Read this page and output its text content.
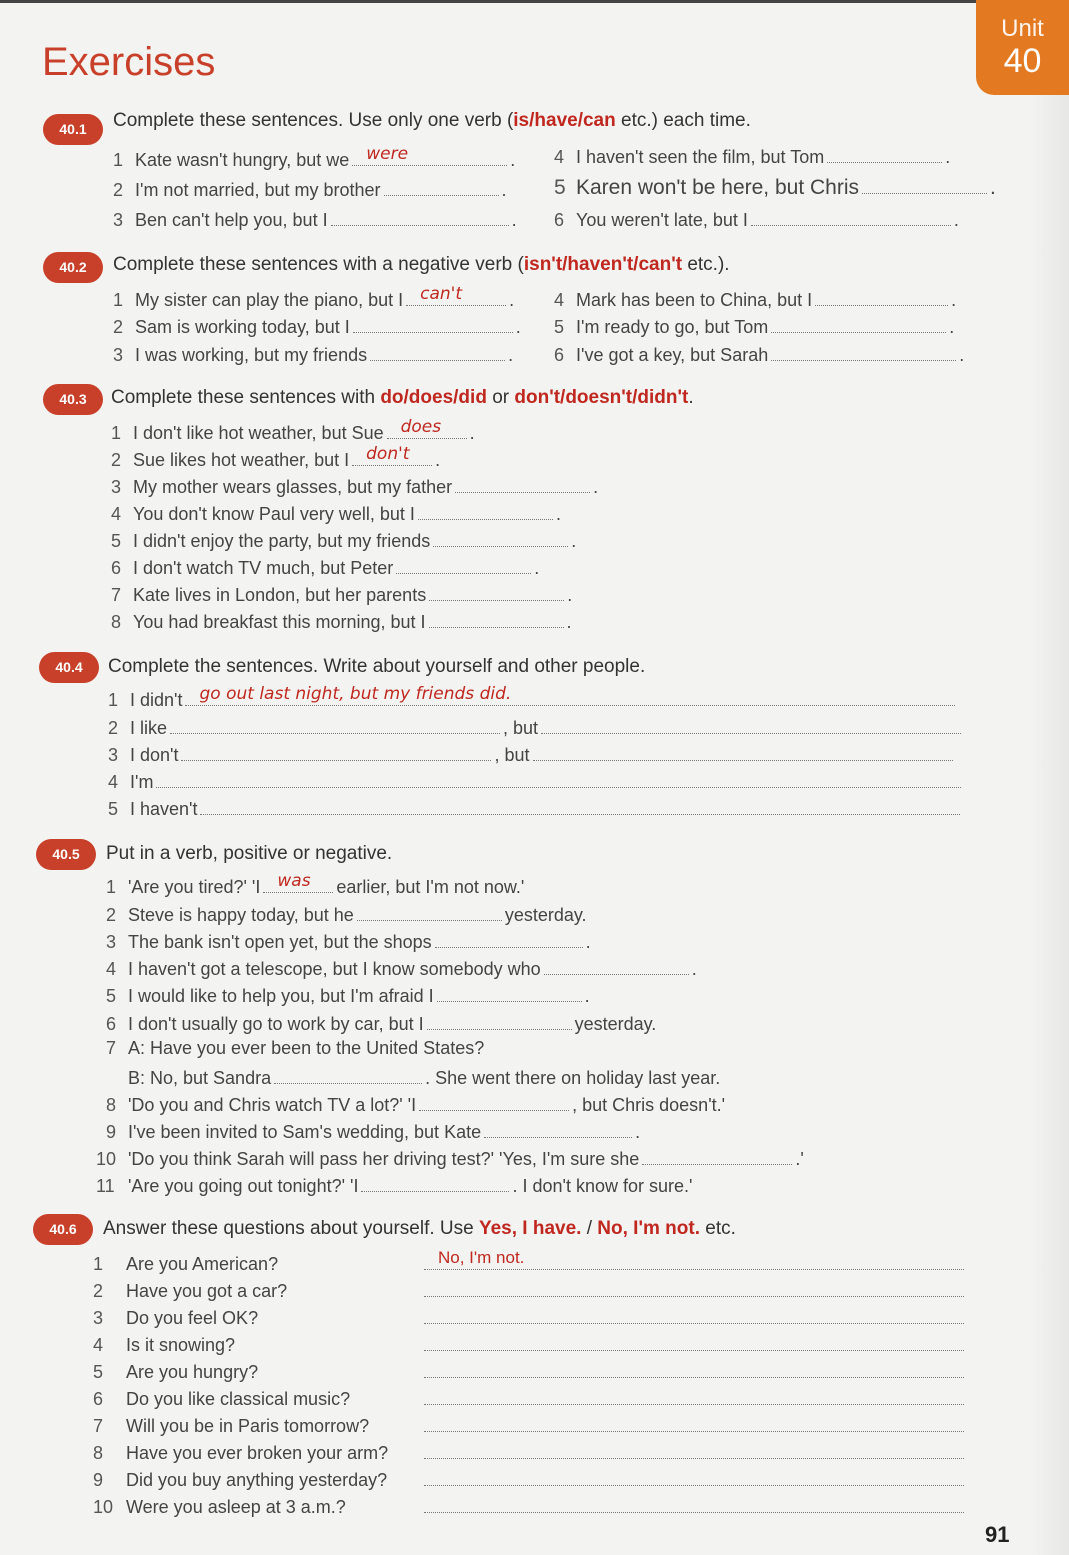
Unit
40
Exercises
40.1	Complete these sentences. Use only one verb (is/have/can etc.) each time.
1 Kate wasn't hungry, but we were	.
2 I'm not married, but my brother	.
3 Ben can't help you, but I	.
4 I haven't seen the film, but Tom	.
5 Karen won't be here, but Chris	.
6 You weren't late, but I	.
40.2	Complete these sentences with a negative verb (isn't/haven't/can't etc.).
1 My sister can play the piano, but I can't	.
2 Sam is working today, but I	.
3 I was working, but my friends	.
4 Mark has been to China, but I	.
5 I'm ready to go, but Tom	.
6 I've got a key, but Sarah	.
40.3	Complete these sentences with do/does/did or don't/doesn't/didn't.
1 I don't like hot weather, but Sue does .
2 Sue likes hot weather, but I don't .
3 My mother wears glasses, but my father	.
4 You don't know Paul very well, but I	.
5 I didn't enjoy the party, but my friends	.
6 I don't watch TV much, but Peter	.
7 Kate lives in London, but her parents	.
8 You had breakfast this morning, but I	.
40.4	Complete the sentences. Write about yourself and other people.
1 I didn't go out last night, but my friends did.
2 I like	, but
3 I don't	, but
4 I'm
5 I haven't
40.5	Put in a verb, positive or negative.
1 'Are you tired?' 'I was earlier, but I'm not now.'
2 Steve is happy today, but he	yesterday.
3 The bank isn't open yet, but the shops	.
4 I haven't got a telescope, but I know somebody who	.
5 I would like to help you, but I'm afraid I	.
6 I don't usually go to work by car, but I	yesterday.
7 A: Have you ever been to the United States?
B: No, but Sandra	. She went there on holiday last year.
8 'Do you and Chris watch TV a lot?' 'I	, but Chris doesn't.'
9 I've been invited to Sam's wedding, but Kate	.
10 'Do you think Sarah will pass her driving test?' 'Yes, I'm sure she	.'
11 'Are you going out tonight?' 'I	. I don't know for sure.'
40.6	Answer these questions about yourself. Use Yes, I have. / No, I'm not. etc.
1	Are you American?	No, I'm not.
2	Have you got a car?
3	Do you feel OK?
4	Is it snowing?
5	Are you hungry?
6	Do you like classical music?
7	Will you be in Paris tomorrow?
8	Have you ever broken your arm?
9	Did you buy anything yesterday?
10 Were you asleep at 3 a.m.?
91
